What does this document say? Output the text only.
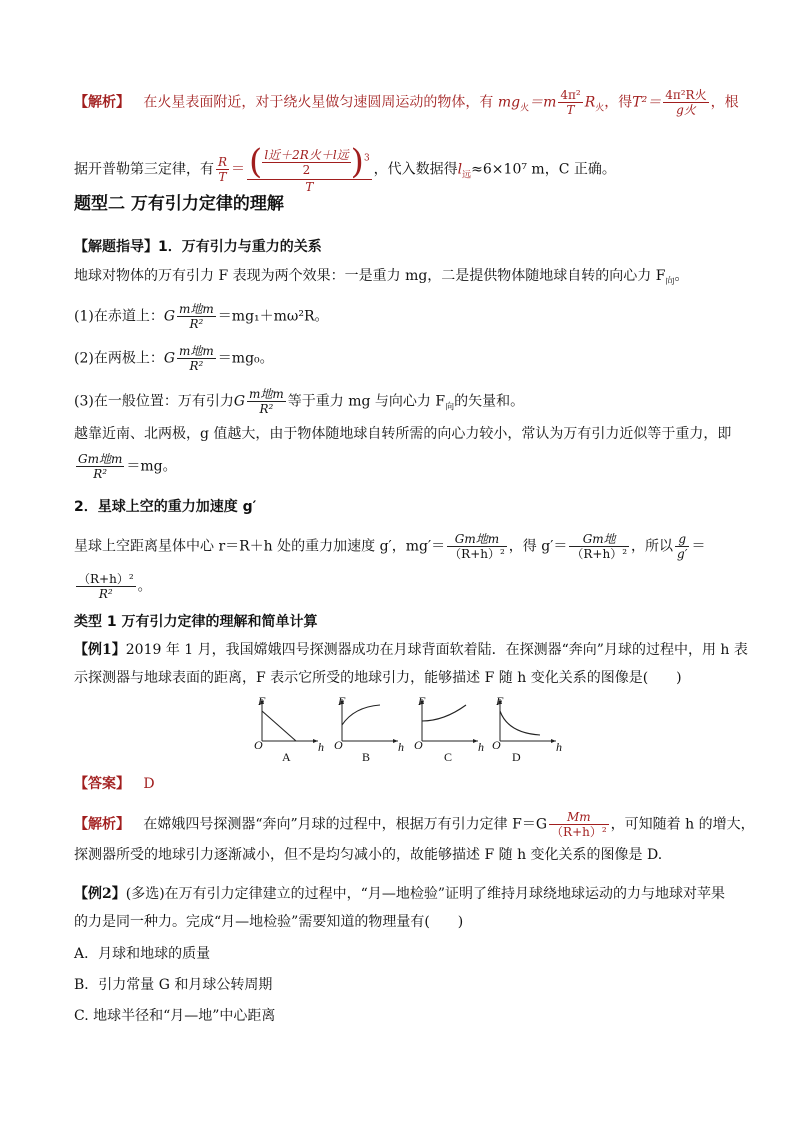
【解析】 在火星表面附近，对于绕火星做匀速圆周运动的物体，有 $mg_火=m \frac{\text{4π²}}{T} R_火$，得$T^2= \frac{\text{4π²R火}}{\text{g火}}$ ，根
据开普勒第三定律，有 $\frac{R}{T} = \frac{( \frac{\text{l近＋2R火＋l远}}{2} )^3}{T}$ ，代入数据得$l_远\approx 6\times 10^7$ m，C 正确。
题型二 万有引力定律的理解
【解题指导】1．万有引力与重力的关系
地球对物体的万有引力 F 表现为两个效果：一是重力 mg，二是提供物体随地球自转的向心力 $F_向$。
(1)在赤道上：G $\frac{\text{m地m}}{\text{R²}} =mg_1+m\omega^2R$。
(2)在两极上：G $\frac{\text{m地m}}{\text{R²}} =mg_0$。
(3)在一般位置：万有引力G $\frac{\text{m地m}}{\text{R²}}$ 等于重力 mg 与向心力 $F_向$的矢量和。
越靠近南、北两极，g 值越大，由于物体随地球自转所需的向心力较小，常认为万有引力近似等于重力，即
$\frac{\text{Gm地m}}{\text{R²}} =mg$。
2．星球上空的重力加速度 g′
星球上空距离星体中心 r＝R＋h 处的重力加速度 g′，$mg'= \frac{\text{Gm地m}}{\text{（R+h）²}}$ ，得 $g'= \frac{\text{Gm地}}{\text{（R+h）²}}$ ，所以 $\frac{g}{g'}$ ＝
$\frac{\text{（R+h）²}}{\text{R²}}$ 。
类型 1 万有引力定律的理解和简单计算
【例1】2019 年 1 月，我国嫦娥四号探测器成功在月球背面软着陆．在探测器“奔向”月球的过程中，用 h 表
示探测器与地球表面的距离，F 表示它所受的地球引力，能够描述 F 随 h 变化关系的图像是(　　)
F
O	h
A
F
O	h
B
F
O	h
C
F
O	h
D
【答案】 D
【解析】 在嫦娥四号探测器“奔向”月球的过程中，根据万有引力定律 $F=G \frac{Mm}{\text{（R+h）²}}$ ，可知随着 h 的增大，
探测器所受的地球引力逐渐减小，但不是均匀减小的，故能够描述 F 随 h 变化关系的图像是 D.
【例2】(多选)在万有引力定律建立的过程中，“月—地检验”证明了维持月球绕地球运动的力与地球对苹果
的力是同一种力。完成“月—地检验”需要知道的物理量有(　　)
A．月球和地球的质量
B．引力常量 G 和月球公转周期
C. 地球半径和“月—地”中心距离
